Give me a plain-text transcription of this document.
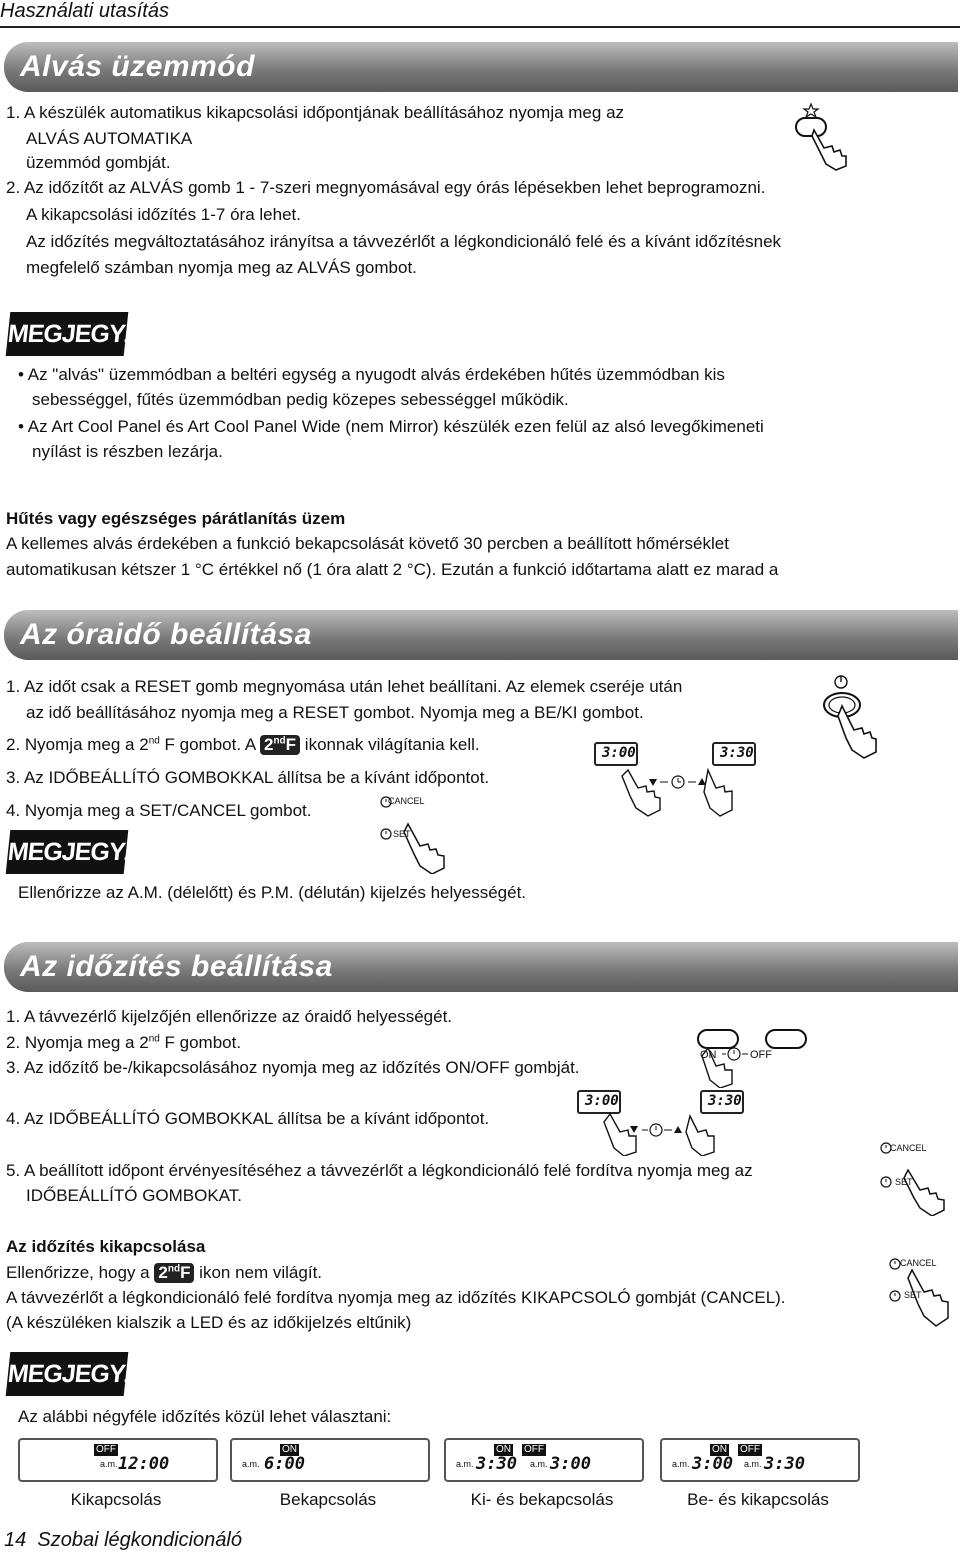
Használati utasítás
Alvás üzemmód
1. A készülék automatikus kikapcsolási időpontjának beállításához nyomja meg az
ALVÁS AUTOMATIKA
üzemmód gombját.
2. Az időzítőt az ALVÁS gomb 1 - 7-szeri megnyomásával egy órás lépésekben lehet beprogramozni.
A kikapcsolási időzítés 1-7 óra lehet.
Az időzítés megváltoztatásához irányítsa a távvezérlőt a légkondicionáló felé és a kívánt időzítésnek
megfelelő számban nyomja meg az ALVÁS gombot.
MEGJEGYZÉS
• Az "alvás" üzemmódban a beltéri egység a nyugodt alvás érdekében hűtés üzemmódban kis
sebességgel, fűtés üzemmódban pedig közepes sebességgel működik.
• Az Art Cool Panel és Art Cool Panel Wide (nem Mirror) készülék ezen felül az alsó levegőkimeneti
nyílást is részben lezárja.
Hűtés vagy egészséges párátlanítás üzem
A kellemes alvás érdekében a funkció bekapcsolását követő 30 percben a beállított hőmérséklet
automatikusan kétszer 1 °C értékkel nő (1 óra alatt 2 °C). Ezután a funkció időtartama alatt ez marad a
Az óraidő beállítása
1. Az időt csak a RESET gomb megnyomása után lehet beállítani. Az elemek cseréje után
az idő beállításához nyomja meg a RESET gombot. Nyomja meg a BE/KI gombot.
2. Nyomja meg a 2nd F gombot. A 2ndF ikonnak világítania kell.
3. Az IDŐBEÁLLÍTÓ GOMBOKKAL állítsa be a kívánt időpontot.
4. Nyomja meg a SET/CANCEL gombot.
3:00	3:30
CANCEL
SET
MEGJEGYZÉS
Ellenőrizze az A.M. (délelőtt) és P.M. (délután) kijelzés helyességét.
Az időzítés beállítása
1. A távvezérlő kijelzőjén ellenőrizze az óraidő helyességét.
2. Nyomja meg a 2nd F gombot.
3. Az időzítő be-/kikapcsolásához nyomja meg az időzítés ON/OFF gombját.
4. Az IDŐBEÁLLÍTÓ GOMBOKKAL állítsa be a kívánt időpontot.
5. A beállított időpont érvényesítéséhez a távvezérlőt a légkondicionáló felé fordítva nyomja meg az
IDŐBEÁLLÍTÓ GOMBOKAT.
ON	OFF
3:00	3:30
CANCEL
SET
Az időzítés kikapcsolása
Ellenőrizze, hogy a 2ndF ikon nem világít.
A távvezérlőt a légkondicionáló felé fordítva nyomja meg az időzítés KIKAPCSOLÓ gombját (CANCEL).
(A készüléken kialszik a LED és az időkijelzés eltűnik)
CANCEL
SET
MEGJEGYZÉS
Az alábbi négyféle időzítés közül lehet választani:
OFF
a.m. 12:00
ON
a.m. 6:00
ON OFF
a.m. 3:30 a.m. 3:00
ON OFF
a.m. 3:00 a.m. 3:30
Kikapcsolás	Bekapcsolás	Ki- és bekapcsolás	Be- és kikapcsolás
14 Szobai légkondicionáló
